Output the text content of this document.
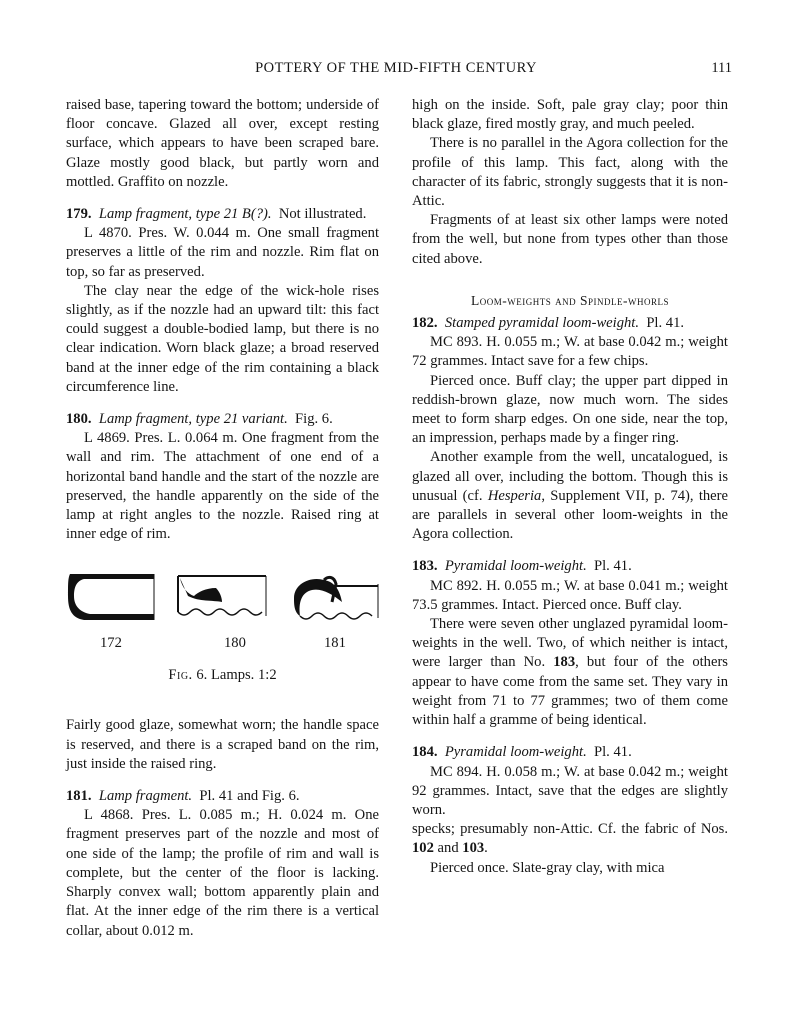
POTTERY OF THE MID-FIFTH CENTURY	111

raised base, tapering toward the bottom; underside of floor concave. Glazed all over, except resting surface, which appears to have been scraped bare. Glaze mostly good black, but partly worn and mottled. Graffito on nozzle.

179. Lamp fragment, type 21 B(?). Not illustrated.

L 4870. Pres. W. 0.044 m. One small fragment preserves a little of the rim and nozzle. Rim flat on top, so far as preserved.

The clay near the edge of the wick-hole rises slightly, as if the nozzle had an upward tilt: this fact could suggest a double-bodied lamp, but there is no clear indication. Worn black glaze; a broad reserved band at the inner edge of the rim containing a black circumference line.

180. Lamp fragment, type 21 variant. Fig. 6.

L 4869. Pres. L. 0.064 m. One fragment from the wall and rim. The attachment of one end of a horizontal band handle and the start of the nozzle are preserved, the handle apparently on the side of the lamp at right angles to the nozzle. Raised ring at inner edge of rim.

172	180	181
Fig. 6. Lamps. 1:2

Fairly good glaze, somewhat worn; the handle space is reserved, and there is a scraped band on the rim, just inside the raised ring.

181. Lamp fragment. Pl. 41 and Fig. 6.

L 4868. Pres. L. 0.085 m.; H. 0.024 m. One fragment preserves part of the nozzle and most of one side of the lamp; the profile of rim and wall is complete, but the center of the floor is lacking. Sharply convex wall; bottom apparently plain and flat. At the inner edge of the rim there is a vertical collar, about 0.012 m.

high on the inside. Soft, pale gray clay; poor thin black glaze, fired mostly gray, and much peeled.

There is no parallel in the Agora collection for the profile of this lamp. This fact, along with the character of its fabric, strongly suggests that it is non-Attic.

Fragments of at least six other lamps were noted from the well, but none from types other than those cited above.

Loom-weights and Spindle-whorls

182. Stamped pyramidal loom-weight. Pl. 41.

MC 893. H. 0.055 m.; W. at base 0.042 m.; weight 72 grammes. Intact save for a few chips.

Pierced once. Buff clay; the upper part dipped in reddish-brown glaze, now much worn. The sides meet to form sharp edges. On one side, near the top, an impression, perhaps made by a finger ring.

Another example from the well, uncatalogued, is glazed all over, including the bottom. Though this is unusual (cf. Hesperia, Supplement VII, p. 74), there are parallels in several other loom-weights in the Agora collection.

183. Pyramidal loom-weight. Pl. 41.

MC 892. H. 0.055 m.; W. at base 0.041 m.; weight 73.5 grammes. Intact. Pierced once. Buff clay.

There were seven other unglazed pyramidal loom-weights in the well. Two, of which neither is intact, were larger than No. 183, but four of the others appear to have come from the same set. They vary in weight from 71 to 77 grammes; two of them come within half a gramme of being identical.

184. Pyramidal loom-weight. Pl. 41.

MC 894. H. 0.058 m.; W. at base 0.042 m.; weight 92 grammes. Intact, save that the edges are slightly worn.

specks; presumably non-Attic. Cf. the fabric of Nos. 102 and 103.

Pierced once. Slate-gray clay, with mica
